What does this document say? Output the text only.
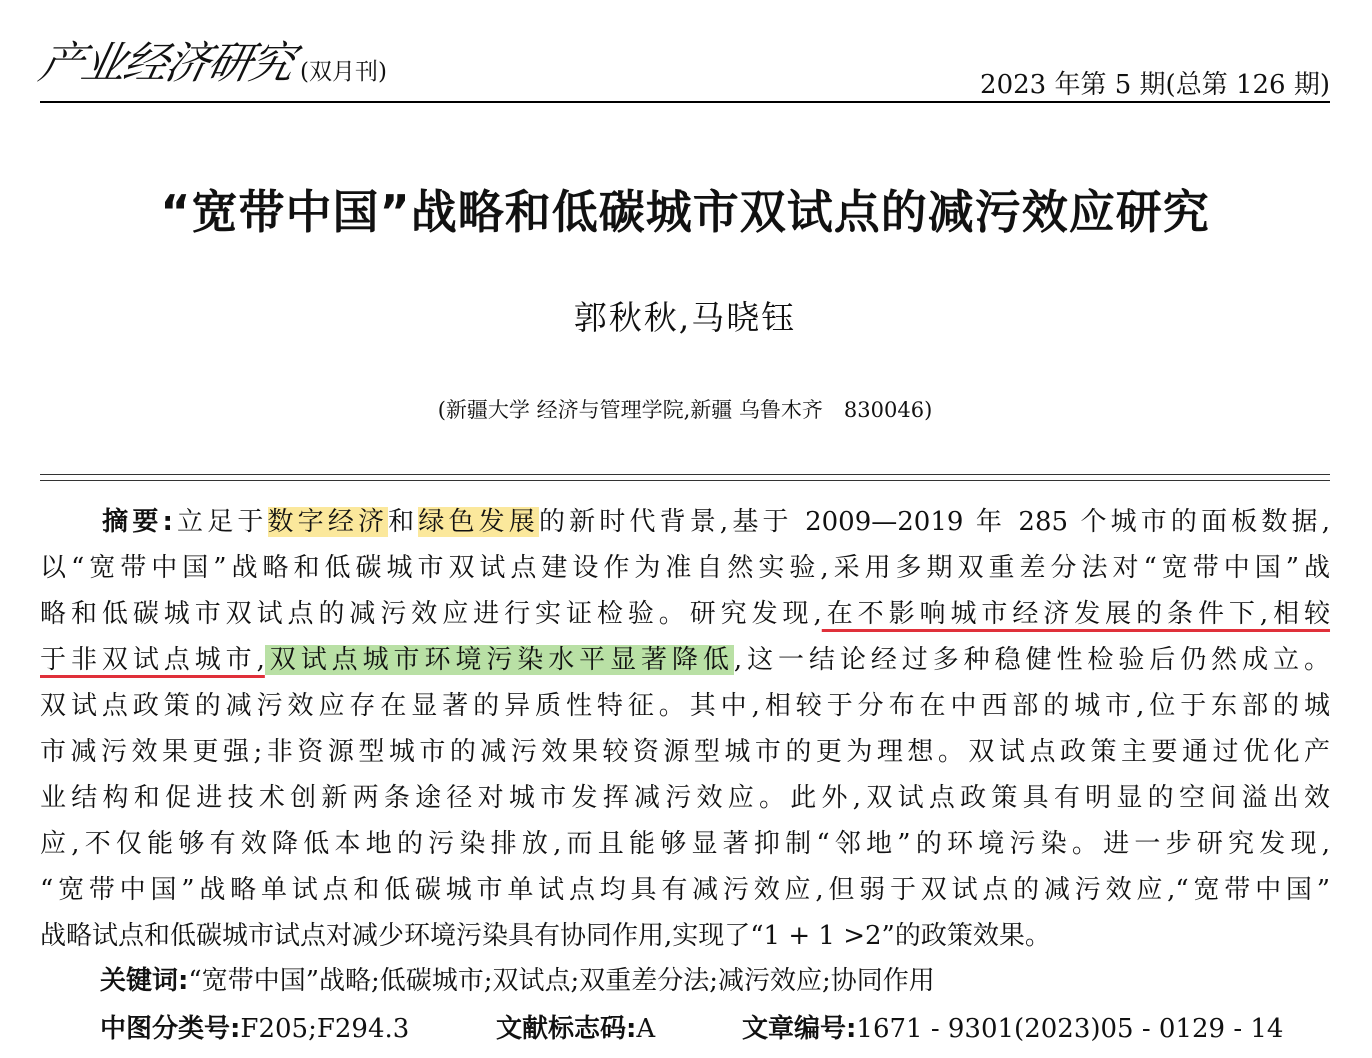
产业经济研究 (双月刊)	2023 年第 5 期(总第 126 期)
“宽带中国”战略和低碳城市双试点的减污效应研究
郭秋秋,马晓钰
(新疆大学 经济与管理学院,新疆 乌鲁木齐　830046)
摘要:立足于数字经济和绿色发展的新时代背景,基于 2009—2019 年 285 个城市的面板数据,
以“宽带中国”战略和低碳城市双试点建设作为准自然实验,采用多期双重差分法对“宽带中国”战
略和低碳城市双试点的减污效应进行实证检验。研究发现,在不影响城市经济发展的条件下,相较
于非双试点城市,双试点城市环境污染水平显著降低,这一结论经过多种稳健性检验后仍然成立。
双试点政策的减污效应存在显著的异质性特征。其中,相较于分布在中西部的城市,位于东部的城
市减污效果更强;非资源型城市的减污效果较资源型城市的更为理想。双试点政策主要通过优化产
业结构和促进技术创新两条途径对城市发挥减污效应。此外,双试点政策具有明显的空间溢出效
应,不仅能够有效降低本地的污染排放,而且能够显著抑制“邻地”的环境污染。进一步研究发现,
“宽带中国”战略单试点和低碳城市单试点均具有减污效应,但弱于双试点的减污效应,“宽带中国”
战略试点和低碳城市试点对减少环境污染具有协同作用,实现了“1 + 1 >2”的政策效果。
关键词:“宽带中国”战略;低碳城市;双试点;双重差分法;减污效应;协同作用
中图分类号:F205;F294.3	文献标志码:A	文章编号:1671 - 9301(2023)05 - 0129 - 14
